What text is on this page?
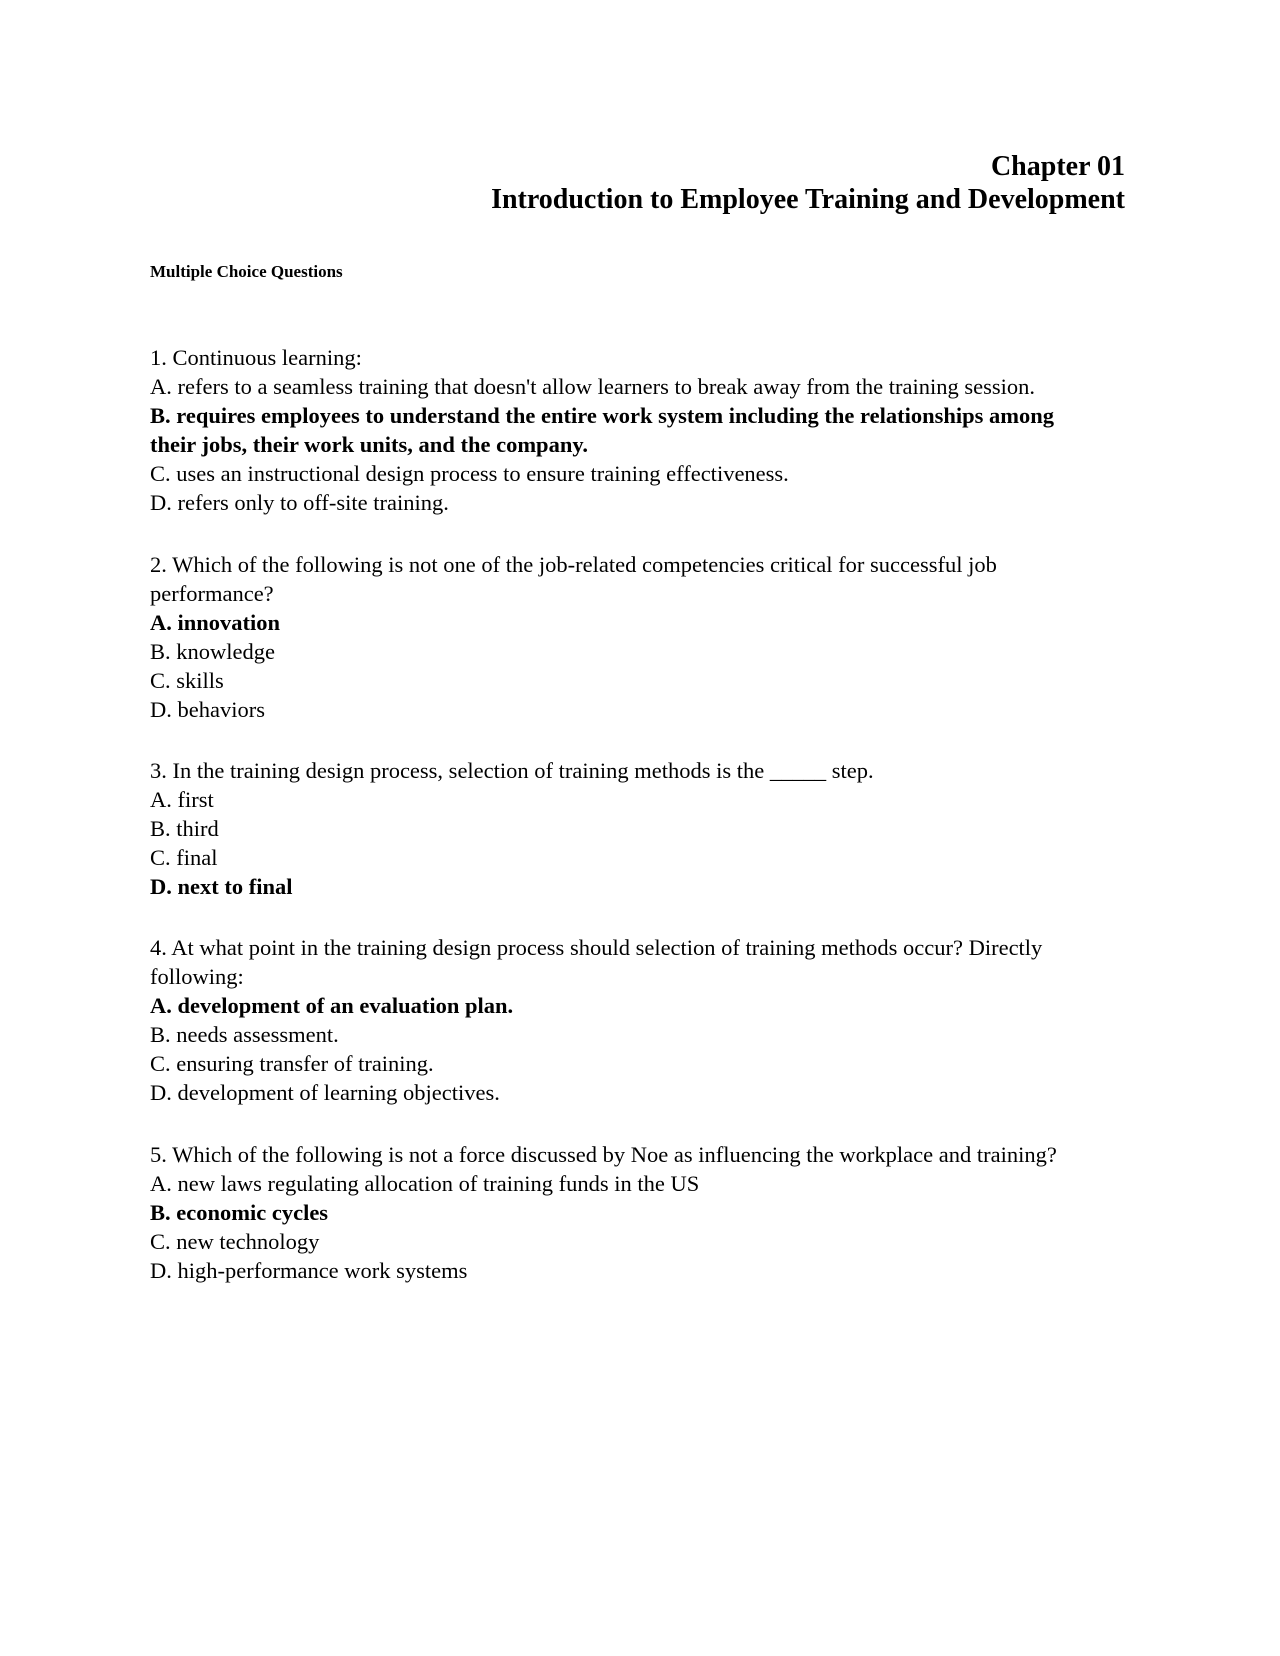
Chapter 01
Introduction to Employee Training and Development
Multiple Choice Questions
1. Continuous learning:
A. refers to a seamless training that doesn't allow learners to break away from the training session.
B. requires employees to understand the entire work system including the relationships among their jobs, their work units, and the company.
C. uses an instructional design process to ensure training effectiveness.
D. refers only to off-site training.
2. Which of the following is not one of the job-related competencies critical for successful job performance?
A. innovation
B. knowledge
C. skills
D. behaviors
3. In the training design process, selection of training methods is the _____ step.
A. first
B. third
C. final
D. next to final
4. At what point in the training design process should selection of training methods occur? Directly following:
A. development of an evaluation plan.
B. needs assessment.
C. ensuring transfer of training.
D. development of learning objectives.
5. Which of the following is not a force discussed by Noe as influencing the workplace and training?
A. new laws regulating allocation of training funds in the US
B. economic cycles
C. new technology
D. high-performance work systems
